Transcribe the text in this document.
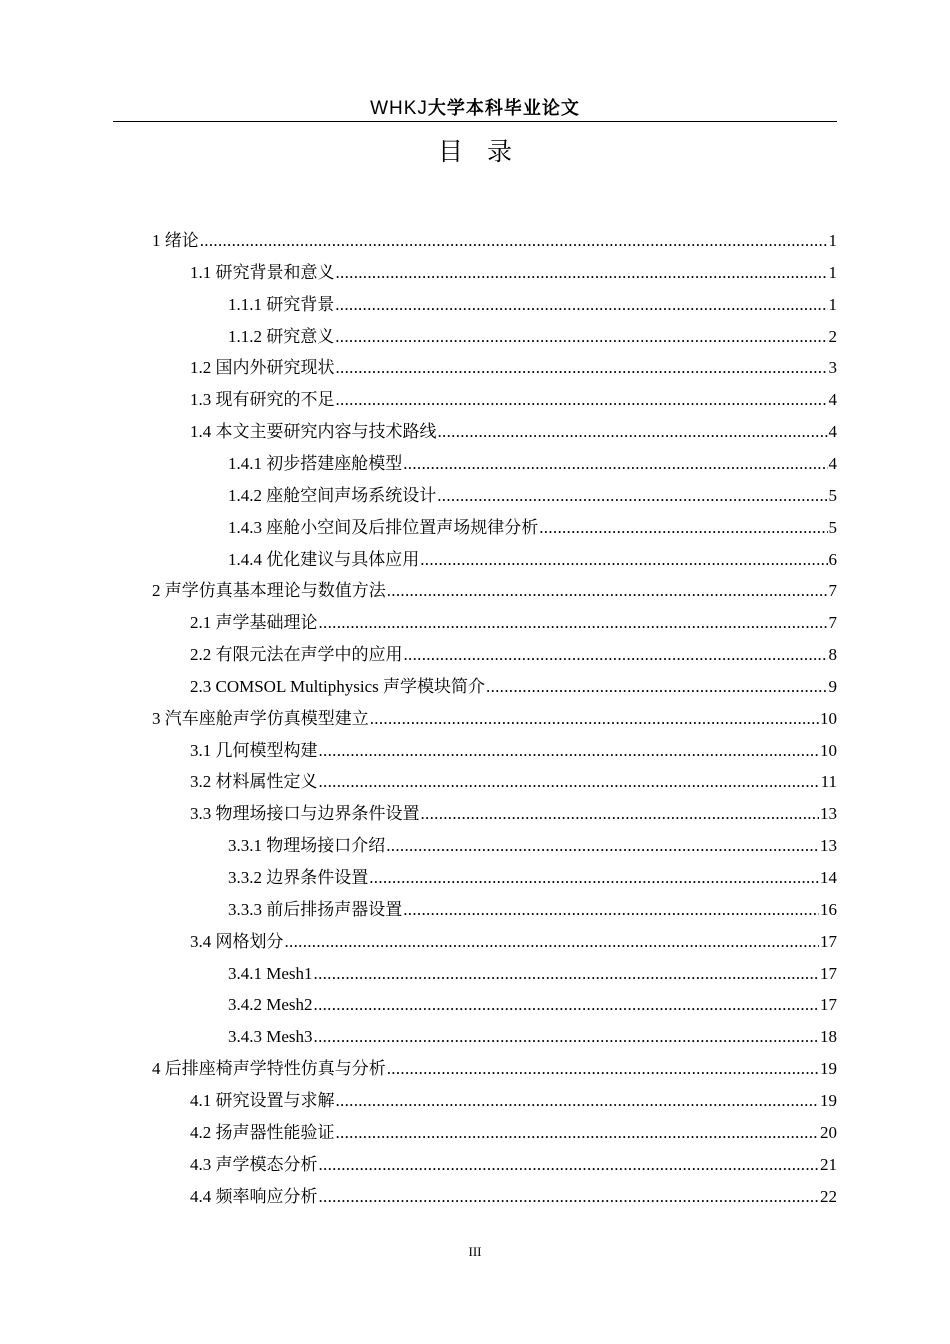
WHKJ大学本科毕业论文
目录
1 绪论 .....	1
1.1 研究背景和意义 .....	1
1.1.1 研究背景 .....	1
1.1.2 研究意义 .....	2
1.2 国内外研究现状 .....	3
1.3 现有研究的不足 .....	4
1.4 本文主要研究内容与技术路线 .....	4
1.4.1 初步搭建座舱模型 .....	4
1.4.2 座舱空间声场系统设计 .....	5
1.4.3 座舱小空间及后排位置声场规律分析 .....	5
1.4.4 优化建议与具体应用 .....	6
2 声学仿真基本理论与数值方法 .....	7
2.1 声学基础理论 .....	7
2.2 有限元法在声学中的应用 .....	8
2.3 COMSOL Multiphysics 声学模块简介 .....	9
3 汽车座舱声学仿真模型建立 .....	10
3.1 几何模型构建 .....	10
3.2 材料属性定义 .....	11
3.3 物理场接口与边界条件设置 .....	13
3.3.1 物理场接口介绍 .....	13
3.3.2 边界条件设置 .....	14
3.3.3 前后排扬声器设置 .....	16
3.4 网格划分 .....	17
3.4.1 Mesh1 .....	17
3.4.2 Mesh2 .....	17
3.4.3 Mesh3 .....	18
4 后排座椅声学特性仿真与分析 .....	19
4.1 研究设置与求解 .....	19
4.2 扬声器性能验证 .....	20
4.3 声学模态分析 .....	21
4.4 频率响应分析 .....	22
III
